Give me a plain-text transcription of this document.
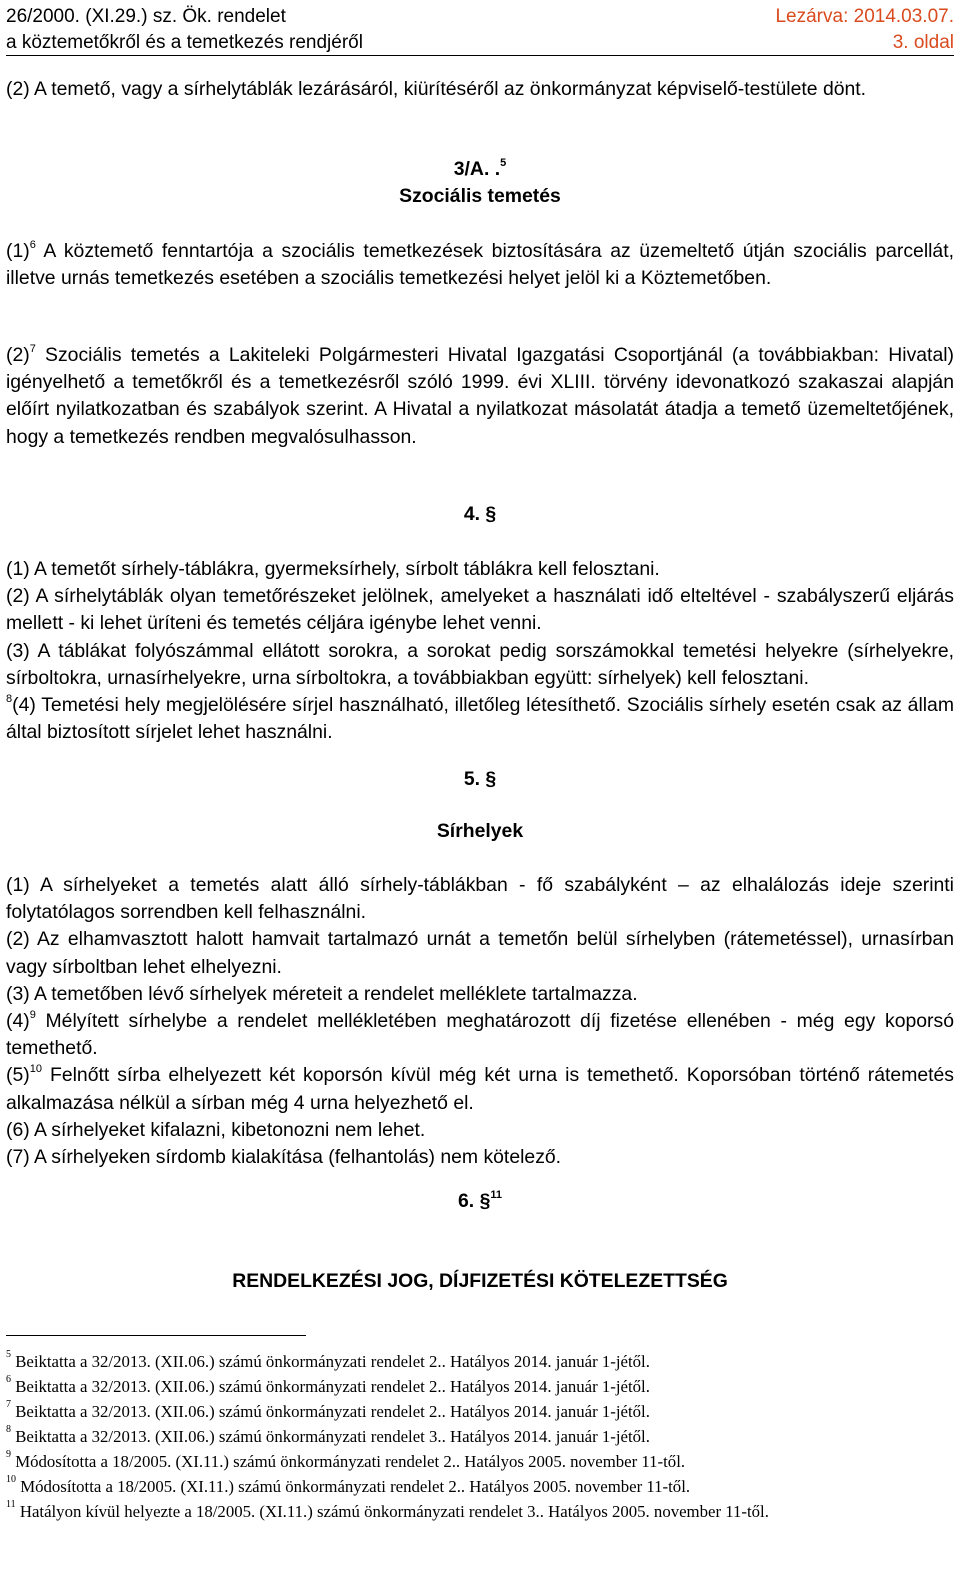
26/2000. (XI.29.) sz. Ök. rendelet	Lezárva: 2014.03.07.
a köztemetőkről és a temetkezés rendjéről	3. oldal

(2) A temető, vagy a sírhelytáblák lezárásáról, kiürítéséről az önkormányzat képviselő-testülete dönt.

3/A. .$^5$

Szociális temetés

$(1)^6$ A köztemető fenntartója a szociális temetkezések biztosítására az üzemeltető útján szociális parcellát, illetve urnás temetkezés esetében a szociális temetkezési helyet jelöl ki a Köztemetőben.

$(2)^7$ Szociális temetés a Lakiteleki Polgármesteri Hivatal Igazgatási Csoportjánál (a továbbiakban: Hivatal) igényelhető a temetőkről és a temetkezésről szóló 1999. évi XLIII. törvény idevonatkozó szakaszai alapján előírt nyilatkozatban és szabályok szerint. A Hivatal a nyilatkozat másolatát átadja a temető üzemeltetőjének, hogy a temetkezés rendben megvalósulhasson.

4. §

(1) A temetőt sírhely-táblákra, gyermeksírhely, sírbolt táblákra kell felosztani.

(2) A sírhelytáblák olyan temetőrészeket jelölnek, amelyeket a használati idő elteltével - szabályszerű eljárás mellett - ki lehet üríteni és temetés céljára igénybe lehet venni.

(3) A táblákat folyószámmal ellátott sorokra, a sorokat pedig sorszámokkal temetési helyekre (sírhelyekre, sírboltokra, urnasírhelyekre, urna sírboltokra, a továbbiakban együtt: sírhelyek) kell felosztani.

$^8$(4) Temetési hely megjelölésére sírjel használható, illetőleg létesíthető. Szociális sírhely esetén csak az állam által biztosított sírjelet lehet használni.

5. §

Sírhelyek

(1) A sírhelyeket a temetés alatt álló sírhely-táblákban - fő szabályként – az elhalálozás ideje szerinti folytatólagos sorrendben kell felhasználni.

(2) Az elhamvasztott halott hamvait tartalmazó urnát a temetőn belül sírhelyben (rátemetéssel), urnasírban vagy sírboltban lehet elhelyezni.

(3) A temetőben lévő sírhelyek méreteit a rendelet melléklete tartalmazza.

$(4)^9$ Mélyített sírhelybe a rendelet mellékletében meghatározott díj fizetése ellenében - még egy koporsó temethető.

$(5)^{10}$ Felnőtt sírba elhelyezett két koporsón kívül még két urna is temethető. Koporsóban történő rátemetés alkalmazása nélkül a sírban még 4 urna helyezhető el.

(6) A sírhelyeket kifalazni, kibetonozni nem lehet.

(7) A sírhelyeken sírdomb kialakítása (felhantolás) nem kötelező.

6. §$^{11}$

RENDELKEZÉSI JOG, DÍJFIZETÉSI KÖTELEZETTSÉG

$^5$ Beiktatta a 32/2013. (XII.06.) számú önkormányzati rendelet 2.. Hatályos 2014. január 1-jétől.

$^6$ Beiktatta a 32/2013. (XII.06.) számú önkormányzati rendelet 2.. Hatályos 2014. január 1-jétől.

$^7$ Beiktatta a 32/2013. (XII.06.) számú önkormányzati rendelet 2.. Hatályos 2014. január 1-jétől.

$^8$ Beiktatta a 32/2013. (XII.06.) számú önkormányzati rendelet 3.. Hatályos 2014. január 1-jétől.

$^9$ Módosította a 18/2005. (XI.11.) számú önkormányzati rendelet 2.. Hatályos 2005. november 11-től.

$^{10}$ Módosította a 18/2005. (XI.11.) számú önkormányzati rendelet 2.. Hatályos 2005. november 11-től.

$^{11}$ Hatályon kívül helyezte a 18/2005. (XI.11.) számú önkormányzati rendelet 3.. Hatályos 2005. november 11-től.
